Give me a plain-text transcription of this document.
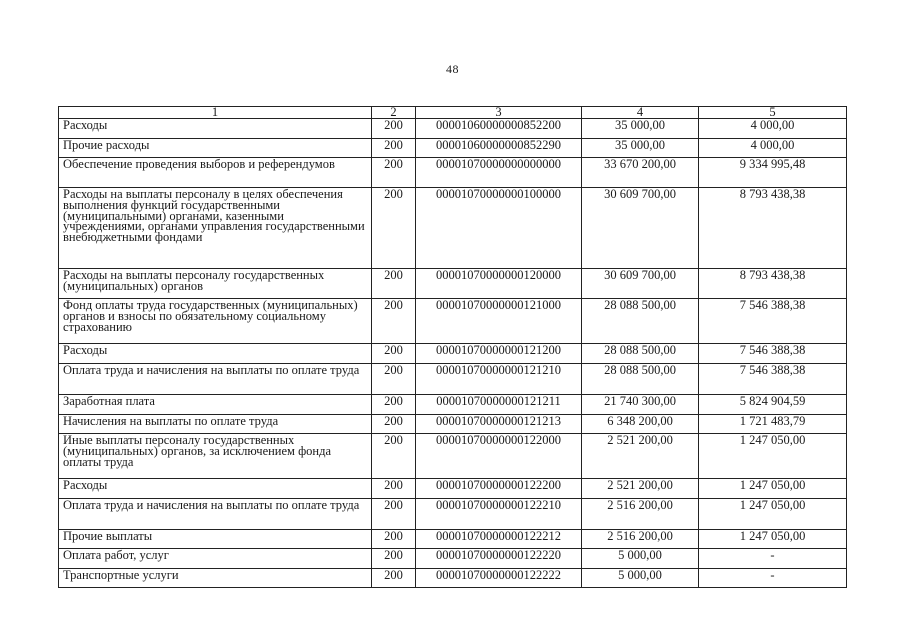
48
1	2	3	4	5
Расходы	200	00001060000000852200	35 000,00	4 000,00
Прочие расходы	200	00001060000000852290	35 000,00	4 000,00
Обеспечение проведения выборов и референдумов	200	00001070000000000000	33 670 200,00	9 334 995,48
Расходы на выплаты персоналу в целях обеспечения выполнения функций государственными (муниципальными) органами, казенными учреждениями, органами управления государственными внебюджетными фондами	200	00001070000000100000	30 609 700,00	8 793 438,38
Расходы на выплаты персоналу государственных (муниципальных) органов	200	00001070000000120000	30 609 700,00	8 793 438,38
Фонд оплаты труда государственных (муниципальных) органов и взносы по обязательному социальному страхованию	200	00001070000000121000	28 088 500,00	7 546 388,38
Расходы	200	00001070000000121200	28 088 500,00	7 546 388,38
Оплата труда и начисления на выплаты по оплате труда	200	00001070000000121210	28 088 500,00	7 546 388,38
Заработная плата	200	00001070000000121211	21 740 300,00	5 824 904,59
Начисления на выплаты по оплате труда	200	00001070000000121213	6 348 200,00	1 721 483,79
Иные выплаты персоналу государственных (муниципальных) органов, за исключением фонда оплаты труда	200	00001070000000122000	2 521 200,00	1 247 050,00
Расходы	200	00001070000000122200	2 521 200,00	1 247 050,00
Оплата труда и начисления на выплаты по оплате труда	200	00001070000000122210	2 516 200,00	1 247 050,00
Прочие выплаты	200	00001070000000122212	2 516 200,00	1 247 050,00
Оплата работ, услуг	200	00001070000000122220	5 000,00	-
Транспортные услуги	200	00001070000000122222	5 000,00	-
